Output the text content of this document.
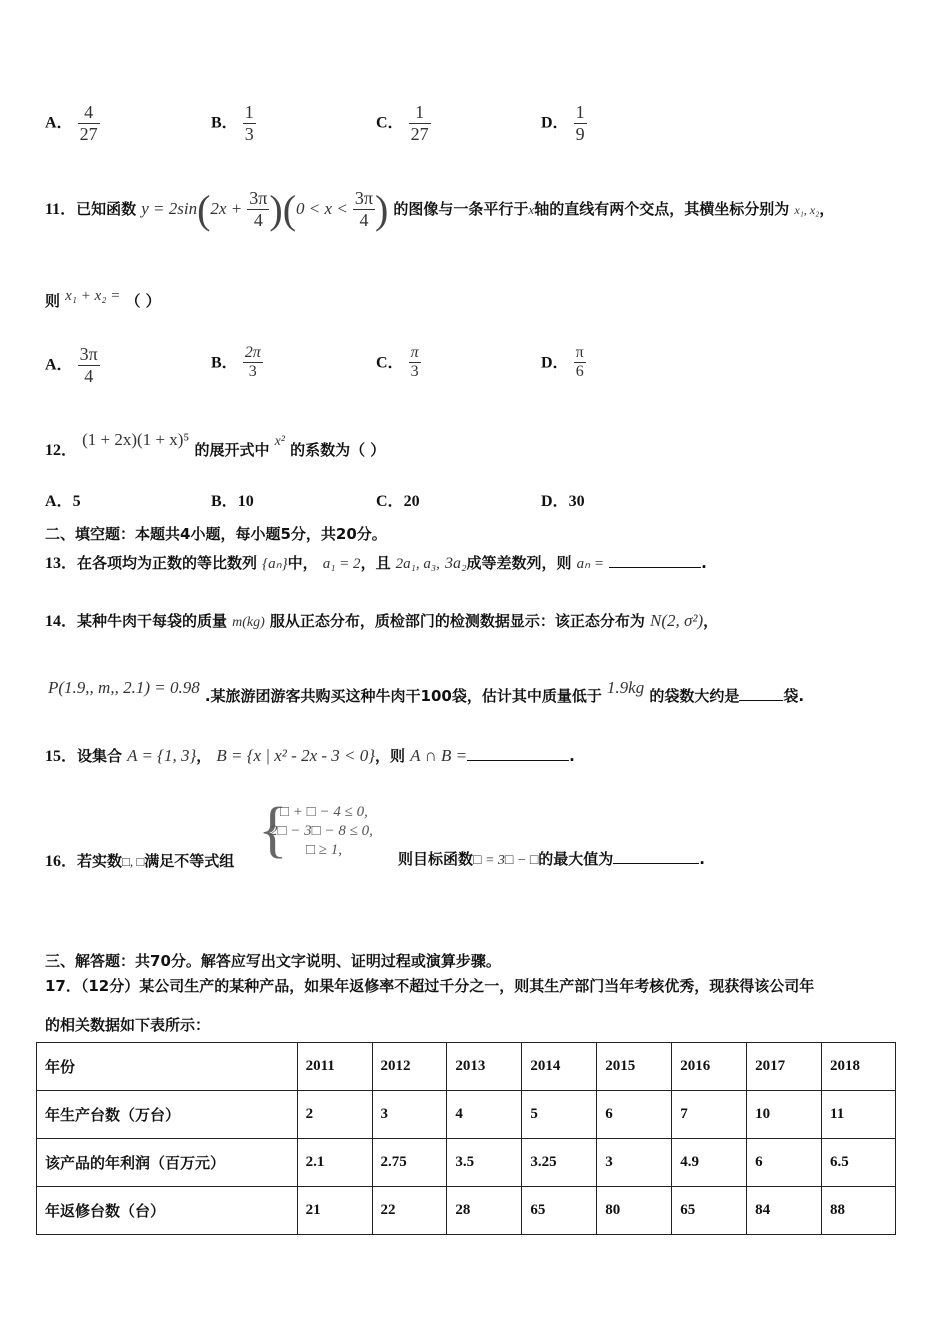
A． $\frac{4}{27}$	B． $\frac{1}{3}$	C． $\frac{1}{27}$	D． $\frac{1}{9}$
11．已知函数 $y = 2\sin(2x + \frac{3\pi}{4} )(0 < x < \frac{3\pi}{4}$ ) 的图像与一条平行于x轴的直线有两个交点，其横坐标分别为 x₁, x₂，
则 x₁ + x₂ = （ ）
A． $\frac{3\pi}{4}$	B． $\frac{2\pi}{3}$	C． $\frac{\pi}{3}$	D． $\frac{\pi}{6}$
12． (1 + 2x)(1 + x)⁵ 的展开式中 x² 的系数为（ ）
A．5	B．10	C．20	D．30
二、填空题：本题共4小题，每小题5分，共20分。
13．在各项均为正数的等比数列 {aₙ}中， a₁ = 2，且 2a₁, a₃, 3a₂成等差数列，则 aₙ =	.
14．某种牛肉干每袋的质量 m(kg) 服从正态分布，质检部门的检测数据显示：该正态分布为 N(2, σ²)，
P(1.9,, m,, 2.1) = 0.98 .某旅游团游客共购买这种牛肉干100袋，估计其中质量低于 1.9kg 的袋数大约是	袋.
15．设集合 A = {1, 3}， B = {x | x² - 2x - 3 < 0}，则 A ∩ B =	.
16．若实数□, □满足不等式组 {
□ + □ − 4 ≤ 0,
2□ − 3□ − 8 ≤ 0,
□ ≥ 1,
则目标函数□ = 3□ − □的最大值为	.
三、解答题：共70分。解答应写出文字说明、证明过程或演算步骤。
17．（12分）某公司生产的某种产品，如果年返修率不超过千分之一，则其生产部门当年考核优秀，现获得该公司年
的相关数据如下表所示：
年份	2011	2012	2013	2014	2015	2016	2017	2018
年生产台数（万台）	2	3	4	5	6	7	10	11
该产品的年利润（百万元）	2.1	2.75	3.5	3.25	3	4.9	6	6.5
年返修台数（台）	21	22	28	65	80	65	84	88
